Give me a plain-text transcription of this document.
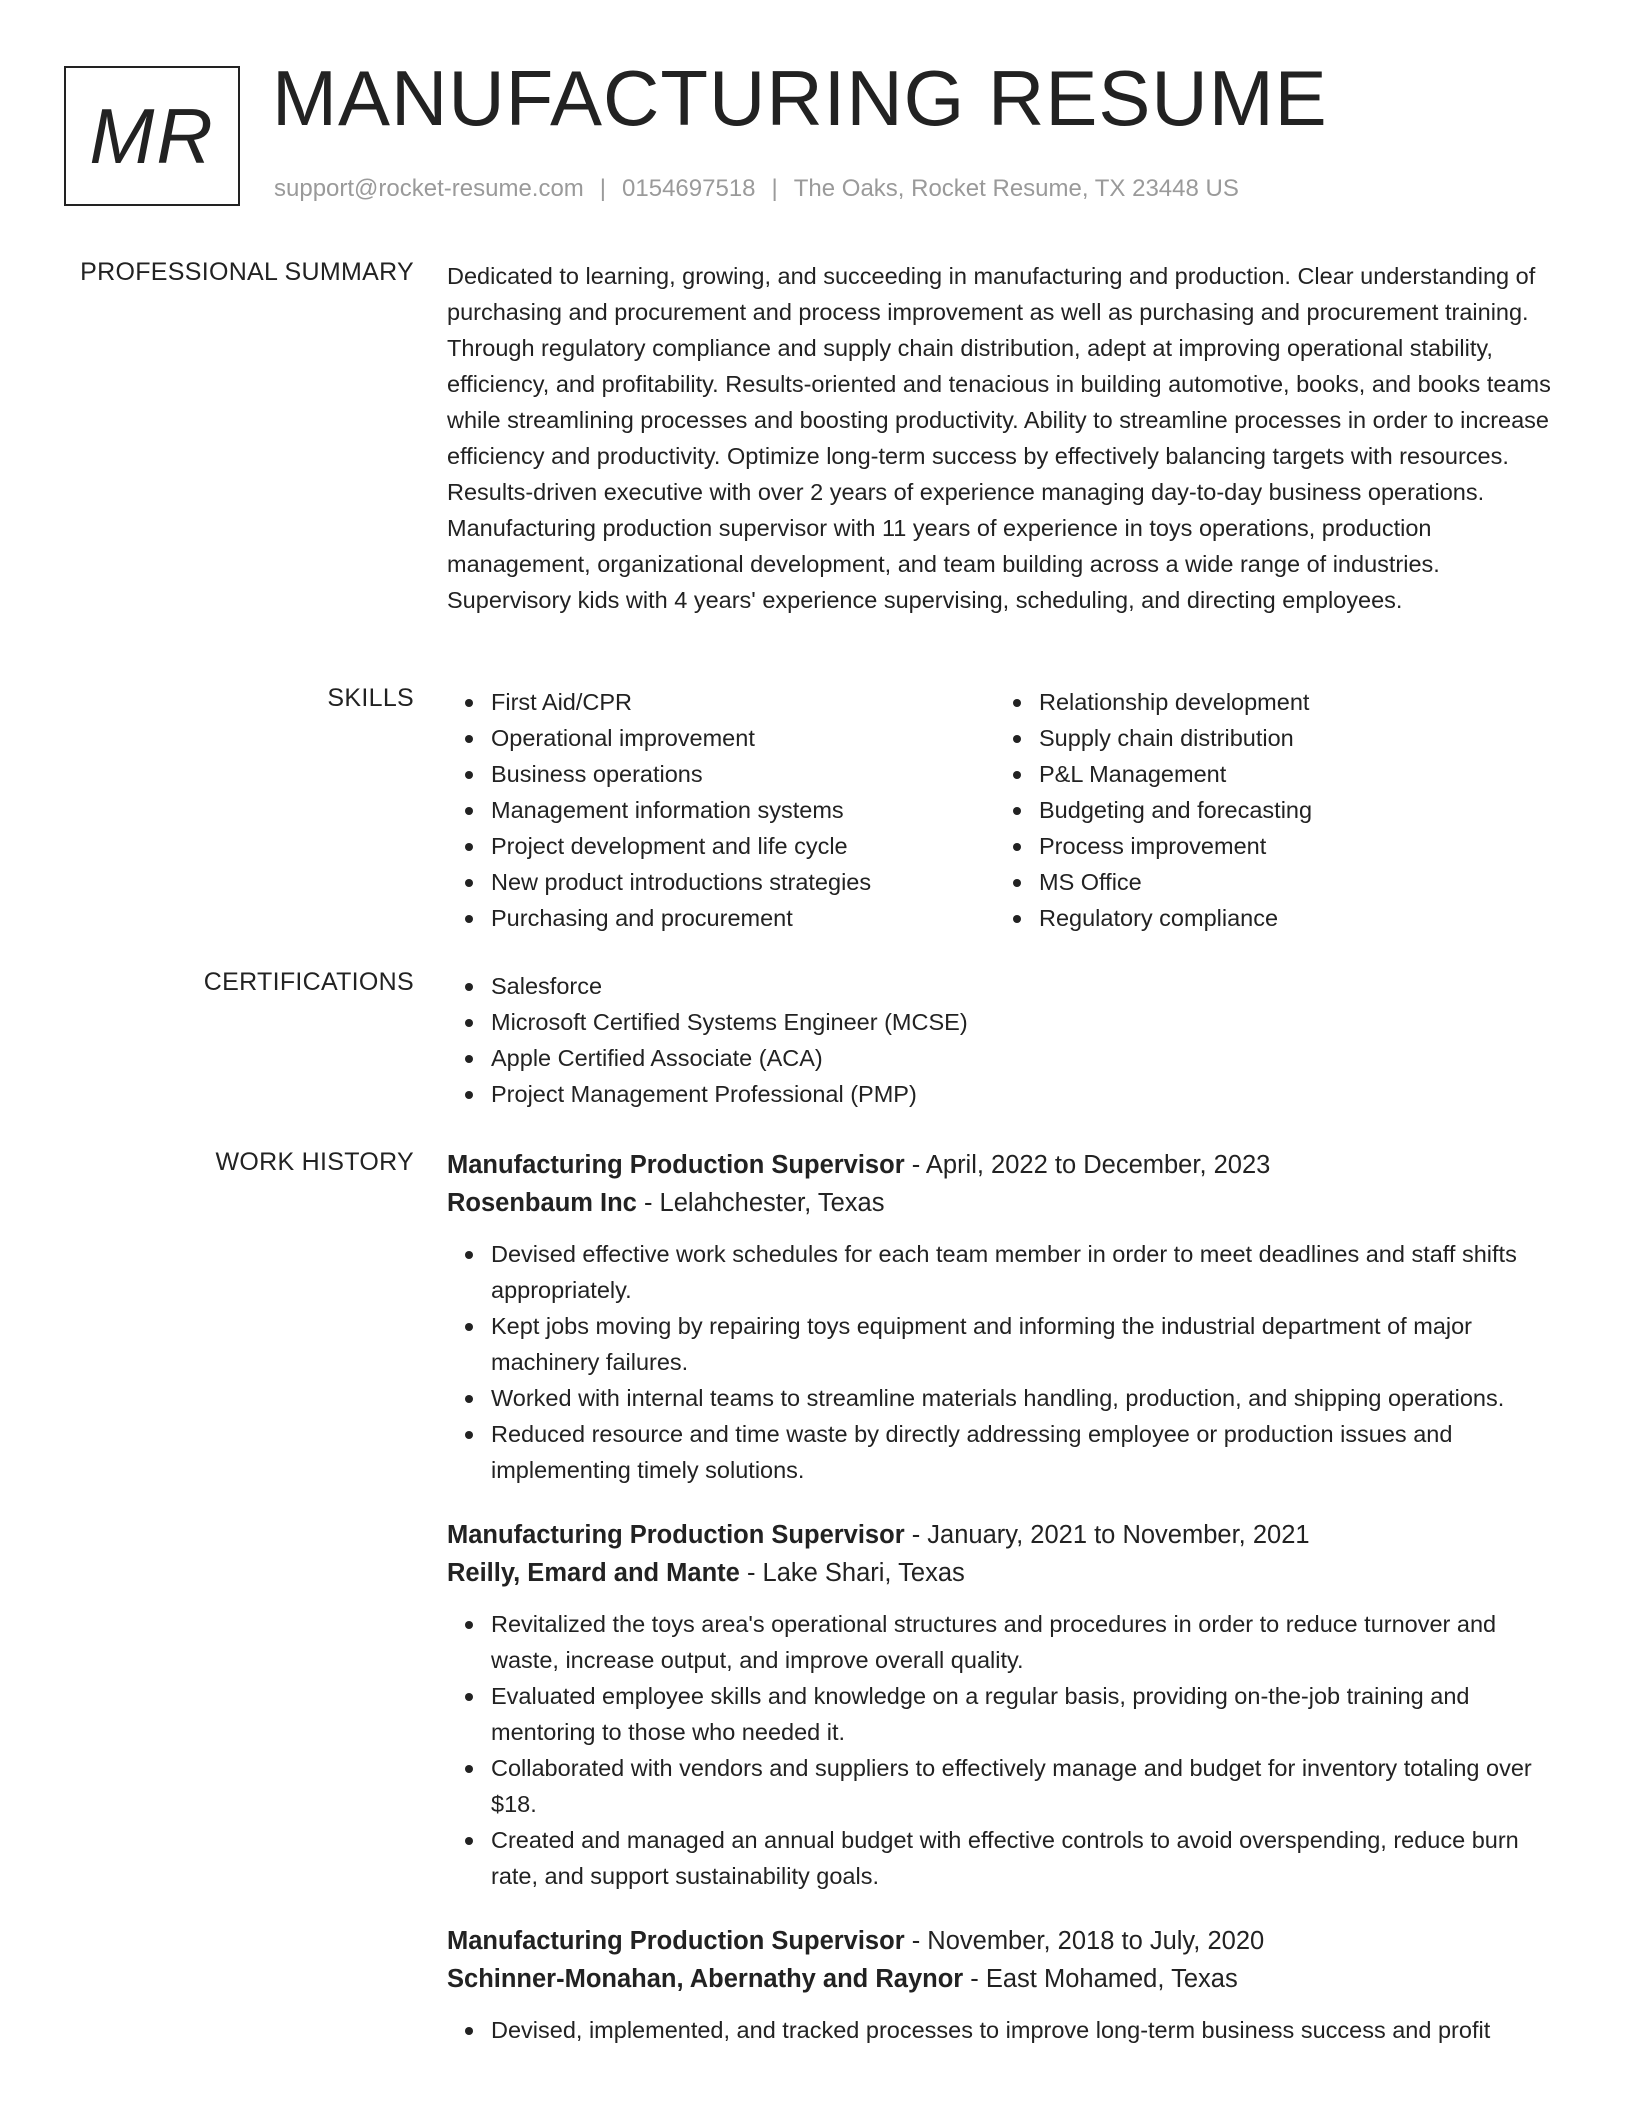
MR MANUFACTURING RESUME
support@rocket-resume.com | 0154697518 | The Oaks, Rocket Resume, TX 23448 US
PROFESSIONAL SUMMARY Dedicated to learning, growing, and succeeding in manufacturing and production. Clear understanding of purchasing and procurement and process improvement as well as purchasing and procurement training. Through regulatory compliance and supply chain distribution, adept at improving operational stability, efficiency, and profitability. Results-oriented and tenacious in building automotive, books, and books teams while streamlining processes and boosting productivity. Ability to streamline processes in order to increase efficiency and productivity. Optimize long-term success by effectively balancing targets with resources. Results-driven executive with over 2 years of experience managing day-to-day business operations. Manufacturing production supervisor with 11 years of experience in toys operations, production management, organizational development, and team building across a wide range of industries. Supervisory kids with 4 years' experience supervising, scheduling, and directing employees.

SKILLS	First Aid/CPR
Operational improvement
Business operations
Management information systems
Project development and life cycle
New product introductions strategies
Purchasing and procurement
Relationship development
Supply chain distribution
P&L Management
Budgeting and forecasting
Process improvement
MS Office
Regulatory compliance
CERTIFICATIONS	Salesforce
Microsoft Certified Systems Engineer (MCSE)
Apple Certified Associate (ACA)
Project Management Professional (PMP)
WORK HISTORY Manufacturing Production Supervisor - April, 2022 to December, 2023
Rosenbaum Inc - Lelahchester, Texas
Devised effective work schedules for each team member in order to meet deadlines and staff shifts appropriately.
Kept jobs moving by repairing toys equipment and informing the industrial department of major machinery failures.
Worked with internal teams to streamline materials handling, production, and shipping operations.
Reduced resource and time waste by directly addressing employee or production issues and implementing timely solutions.
Manufacturing Production Supervisor - January, 2021 to November, 2021
Reilly, Emard and Mante - Lake Shari, Texas
Revitalized the toys area's operational structures and procedures in order to reduce turnover and waste, increase output, and improve overall quality.
Evaluated employee skills and knowledge on a regular basis, providing on-the-job training and mentoring to those who needed it.
Collaborated with vendors and suppliers to effectively manage and budget for inventory totaling over $18.
Created and managed an annual budget with effective controls to avoid overspending, reduce burn rate, and support sustainability goals.
Manufacturing Production Supervisor - November, 2018 to July, 2020
Schinner-Monahan, Abernathy and Raynor - East Mohamed, Texas
Devised, implemented, and tracked processes to improve long-term business success and profit
